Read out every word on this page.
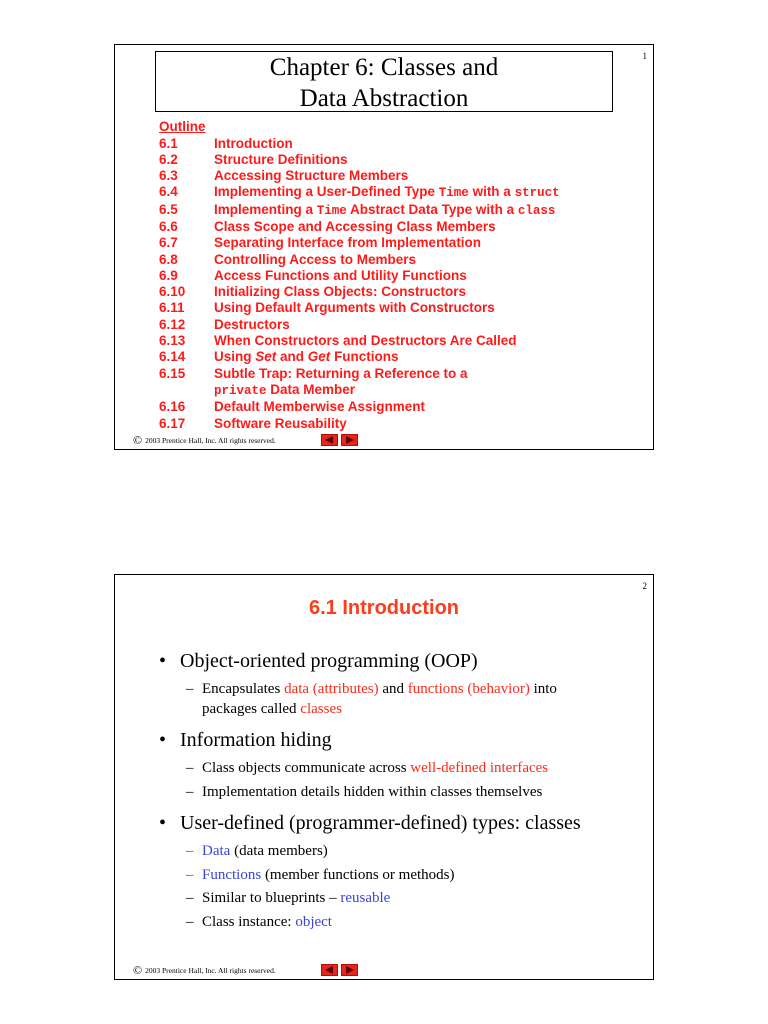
1
Chapter 6: Classes and
Data Abstraction
Outline
6.1	Introduction
6.2	Structure Definitions
6.3	Accessing Structure Members
6.4	Implementing a User-Defined Type Time with a struct
6.5	Implementing a Time Abstract Data Type with a class
6.6	Class Scope and Accessing Class Members
6.7	Separating Interface from Implementation
6.8	Controlling Access to Members
6.9	Access Functions and Utility Functions
6.10	Initializing Class Objects: Constructors
6.11	Using Default Arguments with Constructors
6.12	Destructors
6.13	When Constructors and Destructors Are Called
6.14	Using Set and Get Functions
6.15	Subtle Trap: Returning a Reference to a
private Data Member
6.16	Default Memberwise Assignment
6.17	Software Reusability
© 2003 Prentice Hall, Inc. All rights reserved.
2
6.1 Introduction
• Object-oriented programming (OOP)
– Encapsulates data (attributes) and functions (behavior) into
packages called classes
• Information hiding
– Class objects communicate across well-defined interfaces
– Implementation details hidden within classes themselves
• User-defined (programmer-defined) types: classes
– Data (data members)
– Functions (member functions or methods)
– Similar to blueprints – reusable
– Class instance: object
© 2003 Prentice Hall, Inc. All rights reserved.
